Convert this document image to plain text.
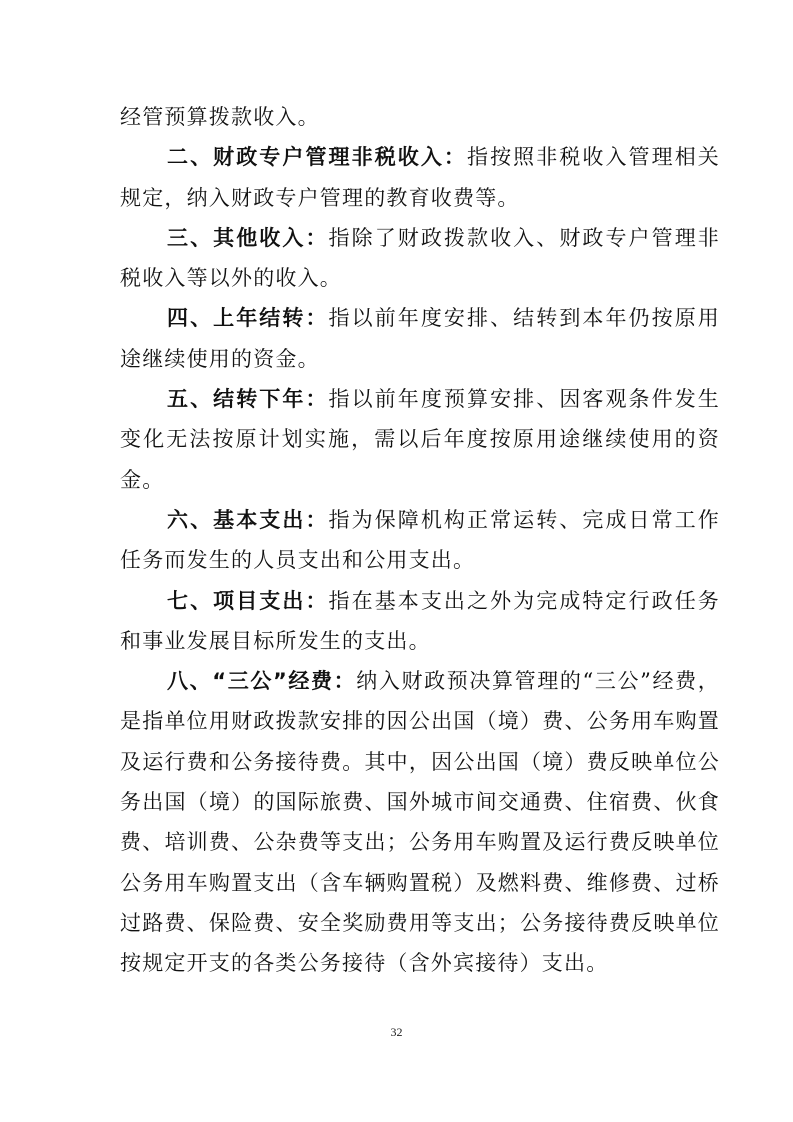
经管预算拨款收入。

二、财政专户管理非税收入：指按照非税收入管理相关规定，纳入财政专户管理的教育收费等。

三、其他收入：指除了财政拨款收入、财政专户管理非税收入等以外的收入。

四、上年结转：指以前年度安排、结转到本年仍按原用途继续使用的资金。

五、结转下年：指以前年度预算安排、因客观条件发生变化无法按原计划实施，需以后年度按原用途继续使用的资金。

六、基本支出：指为保障机构正常运转、完成日常工作任务而发生的人员支出和公用支出。

七、项目支出：指在基本支出之外为完成特定行政任务和事业发展目标所发生的支出。

八、“三公”经费：纳入财政预决算管理的“三公”经费，是指单位用财政拨款安排的因公出国（境）费、公务用车购置及运行费和公务接待费。其中，因公出国（境）费反映单位公务出国（境）的国际旅费、国外城市间交通费、住宿费、伙食费、培训费、公杂费等支出；公务用车购置及运行费反映单位公务用车购置支出（含车辆购置税）及燃料费、维修费、过桥过路费、保险费、安全奖励费用等支出；公务接待费反映单位按规定开支的各类公务接待（含外宾接待）支出。

32
